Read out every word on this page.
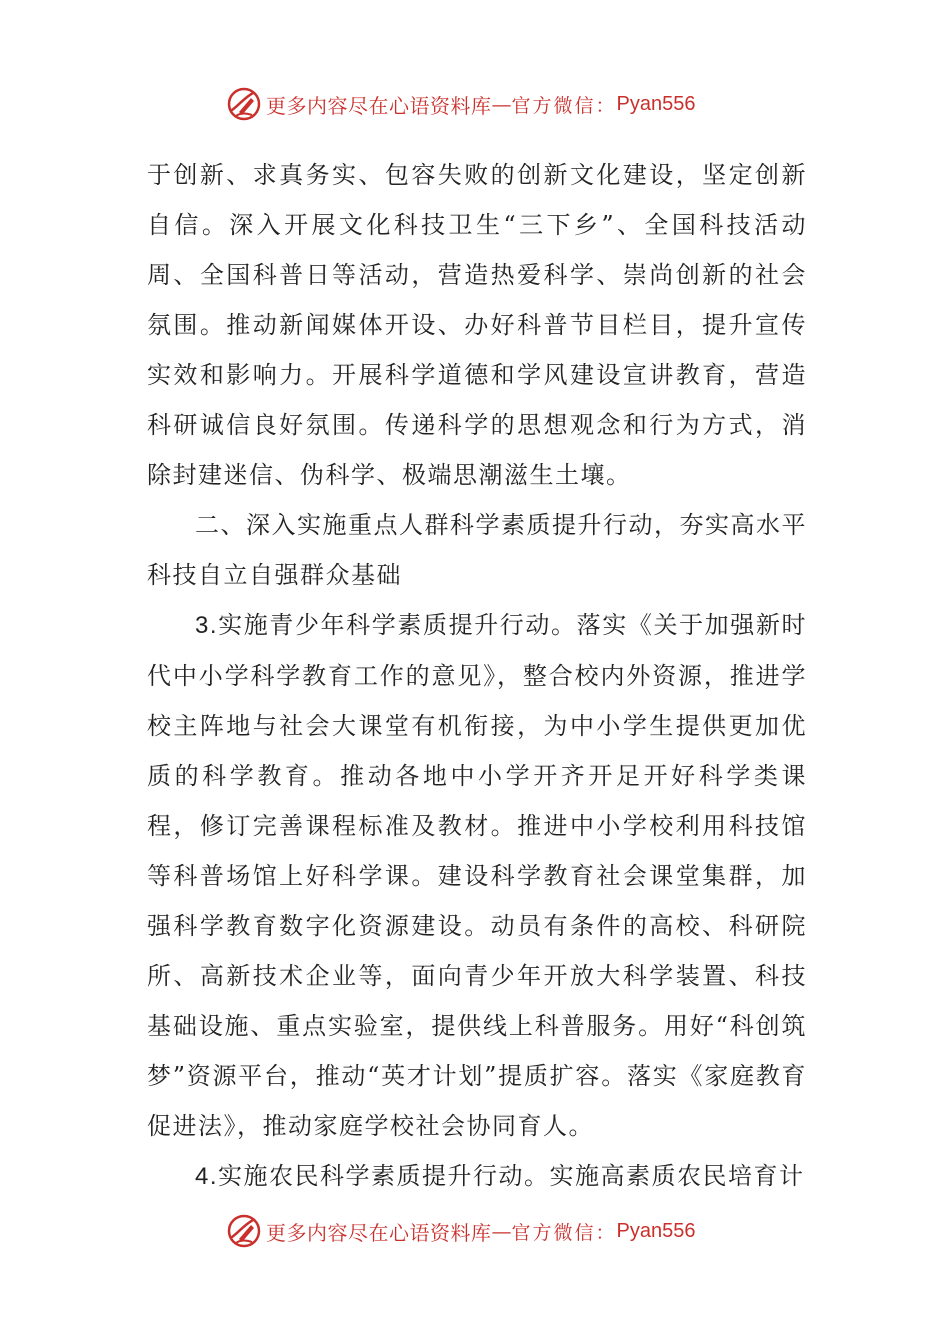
更多内容尽在心语资料库 — 官方微信： Pyan556

于创新、求真务实、包容失败的创新文化建设，坚定创新自信。深入开展文化科技卫生“三下乡”、全国科技活动周、全国科普日等活动，营造热爱科学、崇尚创新的社会氛围。推动新闻媒体开设、办好科普节目栏目，提升宣传实效和影响力。开展科学道德和学风建设宣讲教育，营造科研诚信良好氛围。传递科学的思想观念和行为方式，消除封建迷信、伪科学、极端思潮滋生土壤。

二、深入实施重点人群科学素质提升行动，夯实高水平科技自立自强群众基础

3.实施青少年科学素质提升行动。落实《关于加强新时代中小学科学教育工作的意见》，整合校内外资源，推进学校主阵地与社会大课堂有机衔接，为中小学生提供更加优质的科学教育。推动各地中小学开齐开足开好科学类课程，修订完善课程标准及教材。推进中小学校利用科技馆等科普场馆上好科学课。建设科学教育社会课堂集群，加强科学教育数字化资源建设。动员有条件的高校、科研院所、高新技术企业等，面向青少年开放大科学装置、科技基础设施、重点实验室，提供线上科普服务。用好“科创筑梦”资源平台，推动“英才计划”提质扩容。落实《家庭教育促进法》，推动家庭学校社会协同育人。

4.实施农民科学素质提升行动。实施高素质农民培育计

更多内容尽在心语资料库 — 官方微信： Pyan556
